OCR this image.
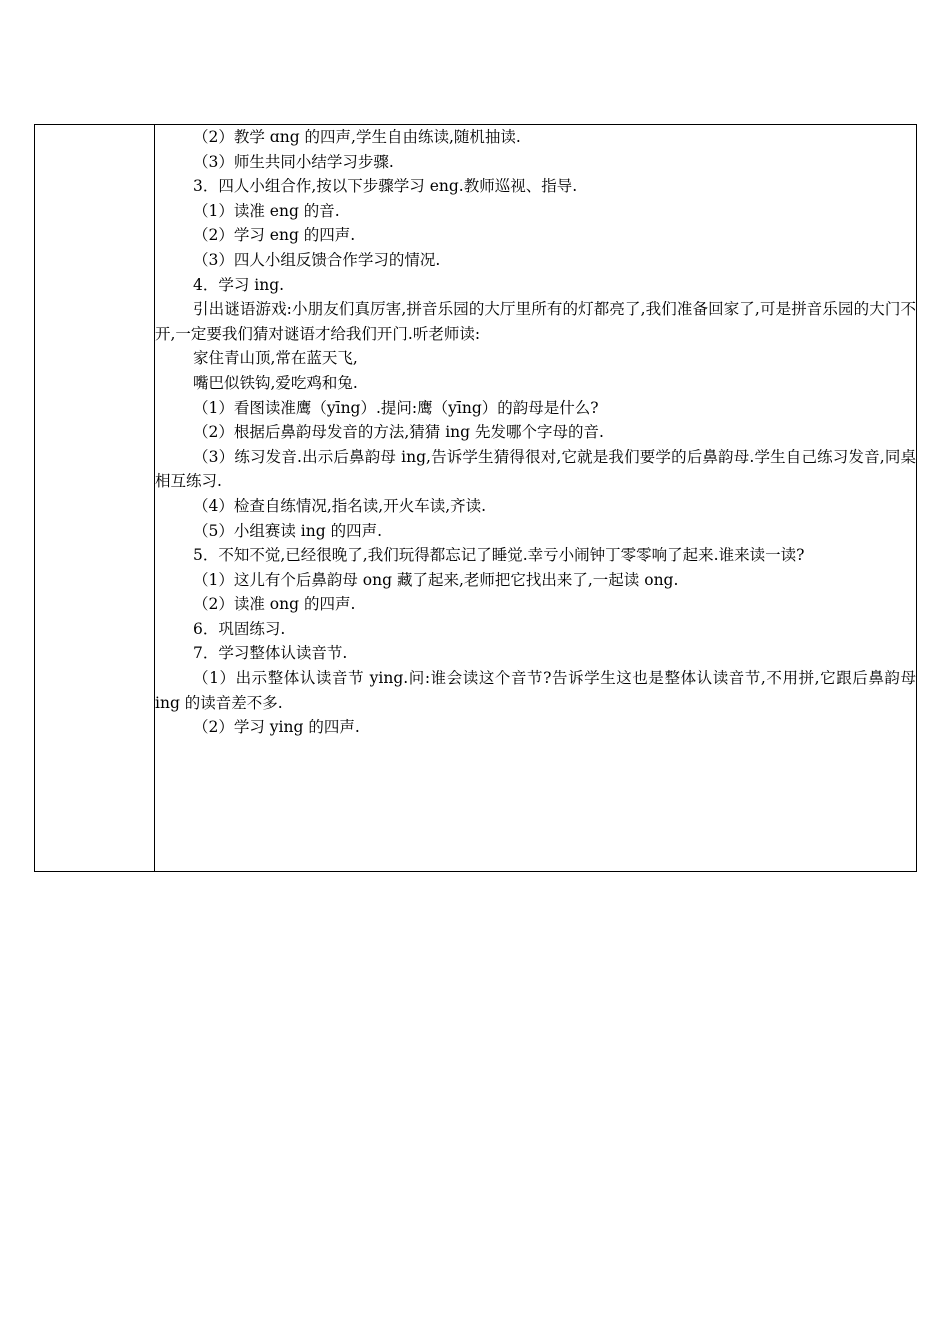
（2）教学 ɑng 的四声,学生自由练读,随机抽读.
（3）师生共同小结学习步骤.
3．四人小组合作,按以下步骤学习 eng.教师巡视、指导.
（1）读准 eng 的音.
（2）学习 eng 的四声.
（3）四人小组反馈合作学习的情况.
4．学习 ing.

引出谜语游戏:小朋友们真厉害,拼音乐园的大厅里所有的灯都亮了,我们准备回家了,可是拼音乐园的大门不开,一定要我们猜对谜语才给我们开门.听老师读:

家住青山顶,常在蓝天飞,
嘴巴似铁钩,爱吃鸡和兔.
（1）看图读准鹰（yīng）.提问:鹰（yīng）的韵母是什么?
（2）根据后鼻韵母发音的方法,猜猜 ing 先发哪个字母的音.

（3）练习发音.出示后鼻韵母 ing,告诉学生猜得很对,它就是我们要学的后鼻韵母.学生自己练习发音,同桌相互练习.

（4）检查自练情况,指名读,开火车读,齐读.
（5）小组赛读 ing 的四声.

5．不知不觉,已经很晚了,我们玩得都忘记了睡觉.幸亏小闹钟丁零零响了起来.谁来读一读?

（1）这儿有个后鼻韵母 ong 藏了起来,老师把它找出来了,一起读 ong.
（2）读准 ong 的四声.
6．巩固练习.
7．学习整体认读音节.

（1）出示整体认读音节 ying.问:谁会读这个音节?告诉学生这也是整体认读音节,不用拼,它跟后鼻韵母 ing 的读音差不多.

（2）学习 ying 的四声.
